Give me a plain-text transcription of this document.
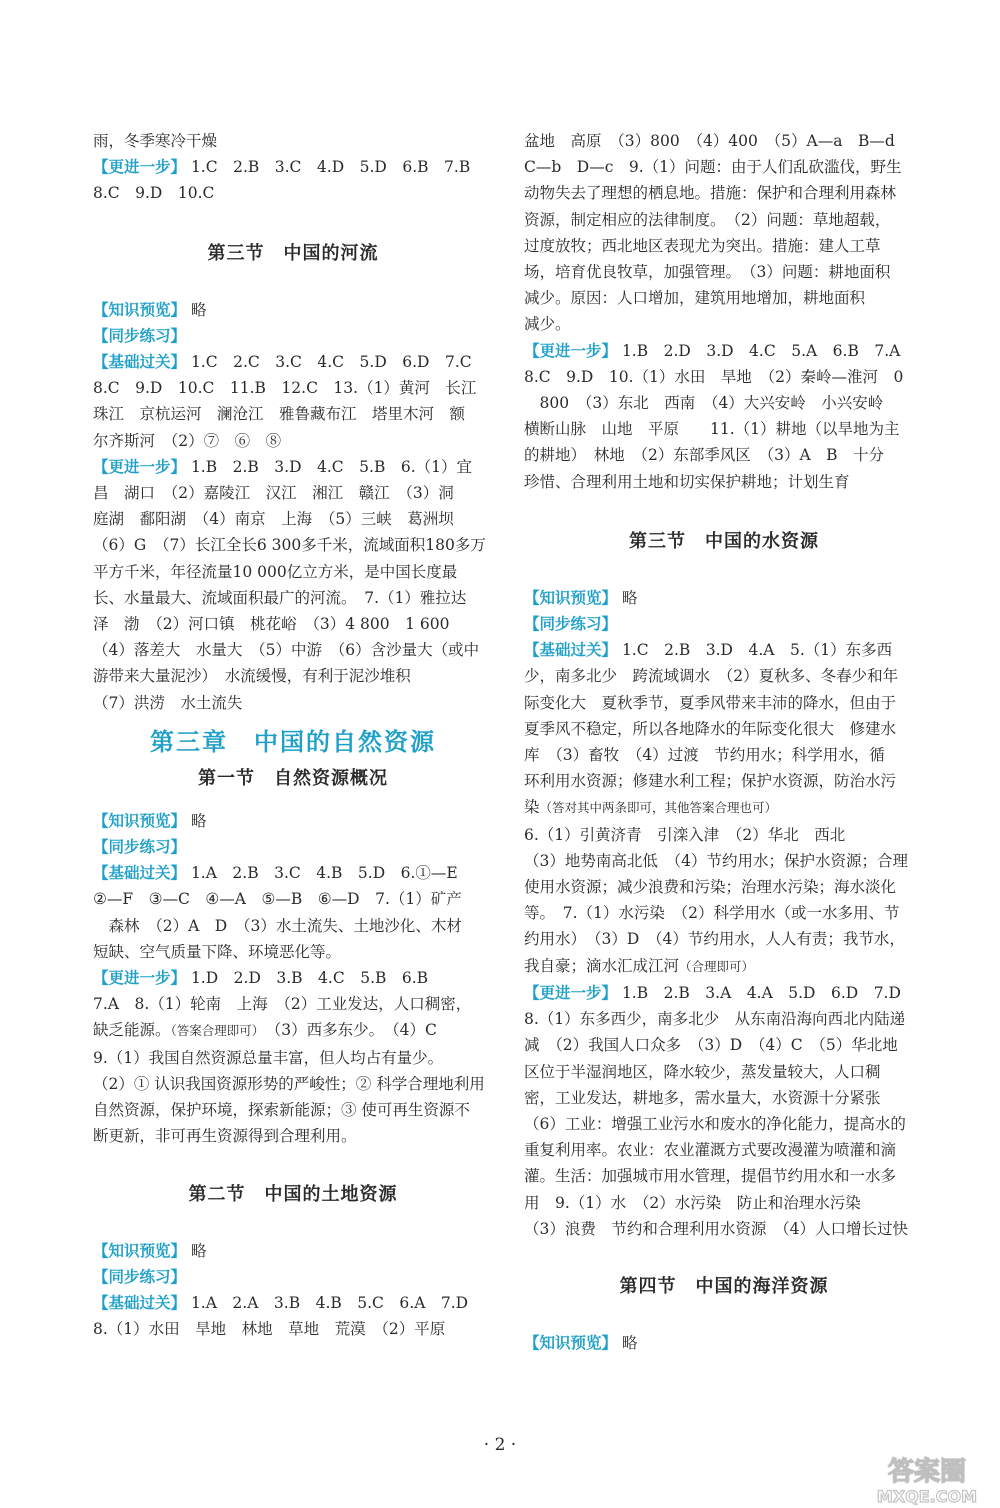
雨，冬季寒冷干燥

【更进一步】 1.C　2.B　3.C　4.D　5.D　6.B　7.B

8.C　9.D　10.C

第三节　中国的河流

【知识预览】 略

【同步练习】

【基础过关】 1.C　2.C　3.C　4.C　5.D　6.D　7.C

8.C　9.D　10.C　11.B　12.C　13.（1）黄河　长江

珠江　京杭运河　澜沧江　雅鲁藏布江　塔里木河　额

尔齐斯河　（2）⑦　⑥　⑧

【更进一步】 1.B　2.B　3.D　4.C　5.B　6.（1）宜

昌　湖口　（2）嘉陵江　汉江　湘江　赣江　（3）洞

庭湖　鄱阳湖　（4）南京　上海　（5）三峡　葛洲坝

（6）G　（7）长江全长6 300多千米，流域面积180多万

平方千米，年径流量10 000亿立方米，是中国长度最

长、水量最大、流域面积最广的河流。　7.（1）雅拉达

泽　渤　（2）河口镇　桃花峪　（3）4 800　1 600

（4）落差大　水量大　（5）中游　（6）含沙量大（或中

游带来大量泥沙）　水流缓慢，有利于泥沙堆积

（7）洪涝　水土流失

第三章　中国的自然资源

第一节　自然资源概况

【知识预览】 略

【同步练习】

【基础过关】 1.A　2.B　3.C　4.B　5.D　6.①—E

②—F　③—C　④—A　⑤—B　⑥—D　7.（1）矿产

　森林　（2）A　D　（3）水土流失、土地沙化、木材

短缺、空气质量下降、环境恶化等。

【更进一步】 1.D　2.D　3.B　4.C　5.B　6.B

7.A　8.（1）轮南　上海　（2）工业发达，人口稠密，

缺乏能源。（答案合理即可）　（3）西多东少。　（4）C

9.（1）我国自然资源总量丰富，但人均占有量少。

（2）① 认识我国资源形势的严峻性；② 科学合理地利用

自然资源，保护环境，探索新能源；③ 使可再生资源不

断更新，非可再生资源得到合理利用。

第二节　中国的土地资源

【知识预览】 略

【同步练习】

【基础过关】 1.A　2.A　3.B　4.B　5.C　6.A　7.D

8.（1）水田　旱地　林地　草地　荒漠　（2）平原

盆地　高原　（3）800　（4）400　（5）A—a　B—d

C—b　D—c　9.（1）问题：由于人们乱砍滥伐，野生

动物失去了理想的栖息地。措施：保护和合理利用森林

资源，制定相应的法律制度。　（2）问题：草地超载，

过度放牧；西北地区表现尤为突出。措施：建人工草

场，培育优良牧草，加强管理。　（3）问题：耕地面积

减少。原因：人口增加，建筑用地增加，耕地面积

减少。

【更进一步】 1.B　2.D　3.D　4.C　5.A　6.B　7.A

8.C　9.D　10.（1）水田　旱地　（2）秦岭—淮河　0

　800　（3）东北　西南　（4）大兴安岭　小兴安岭

横断山脉　山地　平原　　11.（1）耕地（以旱地为主

的耕地）　林地　（2）东部季风区　（3）A　B　十分

珍惜、合理利用土地和切实保护耕地；计划生育

第三节　中国的水资源

【知识预览】 略

【同步练习】

【基础过关】 1.C　2.B　3.D　4.A　5.（1）东多西

少，南多北少　跨流域调水　（2）夏秋多、冬春少和年

际变化大　夏秋季节，夏季风带来丰沛的降水，但由于

夏季风不稳定，所以各地降水的年际变化很大　修建水

库　（3）畜牧　（4）过渡　节约用水；科学用水，循

环利用水资源；修建水利工程；保护水资源，防治水污

染（答对其中两条即可，其他答案合理也可）

6.（1）引黄济青　引滦入津　（2）华北　西北

（3）地势南高北低　（4）节约用水；保护水资源；合理

使用水资源；减少浪费和污染；治理水污染；海水淡化

等。　7.（1）水污染　（2）科学用水（或一水多用、节

约用水）　（3）D　（4）节约用水，人人有责；我节水，

我自豪；滴水汇成江河（合理即可）

【更进一步】 1.B　2.B　3.A　4.A　5.D　6.D　7.D

8.（1）东多西少，南多北少　从东南沿海向西北内陆递

减　（2）我国人口众多　（3）D　（4）C　（5）华北地

区位于半湿润地区，降水较少，蒸发量较大，人口稠

密，工业发达，耕地多，需水量大，水资源十分紧张

（6）工业：增强工业污水和废水的净化能力，提高水的

重复利用率。农业：农业灌溉方式要改漫灌为喷灌和滴

灌。生活：加强城市用水管理，提倡节约用水和一水多

用　9.（1）水　（2）水污染　防止和治理水污染

（3）浪费　节约和合理利用水资源　（4）人口增长过快

第四节　中国的海洋资源

【知识预览】 略

· 2 ·
答案圈
MXQE.COM
